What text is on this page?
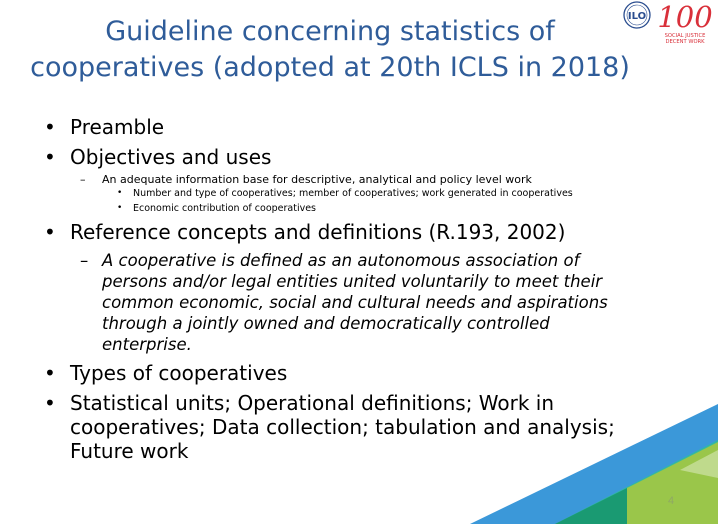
Guideline concerning statistics of
cooperatives (adopted at 20th ICLS in 2018)
ILO 100
SOCIAL JUSTICE
DECENT WORK
• Preamble
• Objectives and uses
– An adequate information base for descriptive, analytical and policy level work
• Number and type of cooperatives; member of cooperatives; work generated in cooperatives
• Economic contribution of cooperatives
• Reference concepts and definitions (R.193, 2002)
– A cooperative is defined as an autonomous association of
persons and/or legal entities united voluntarily to meet their
common economic, social and cultural needs and aspirations
through a jointly owned and democratically controlled
enterprise.
• Types of cooperatives
• Statistical units; Operational definitions; Work in
cooperatives; Data collection; tabulation and analysis;
Future work
4
